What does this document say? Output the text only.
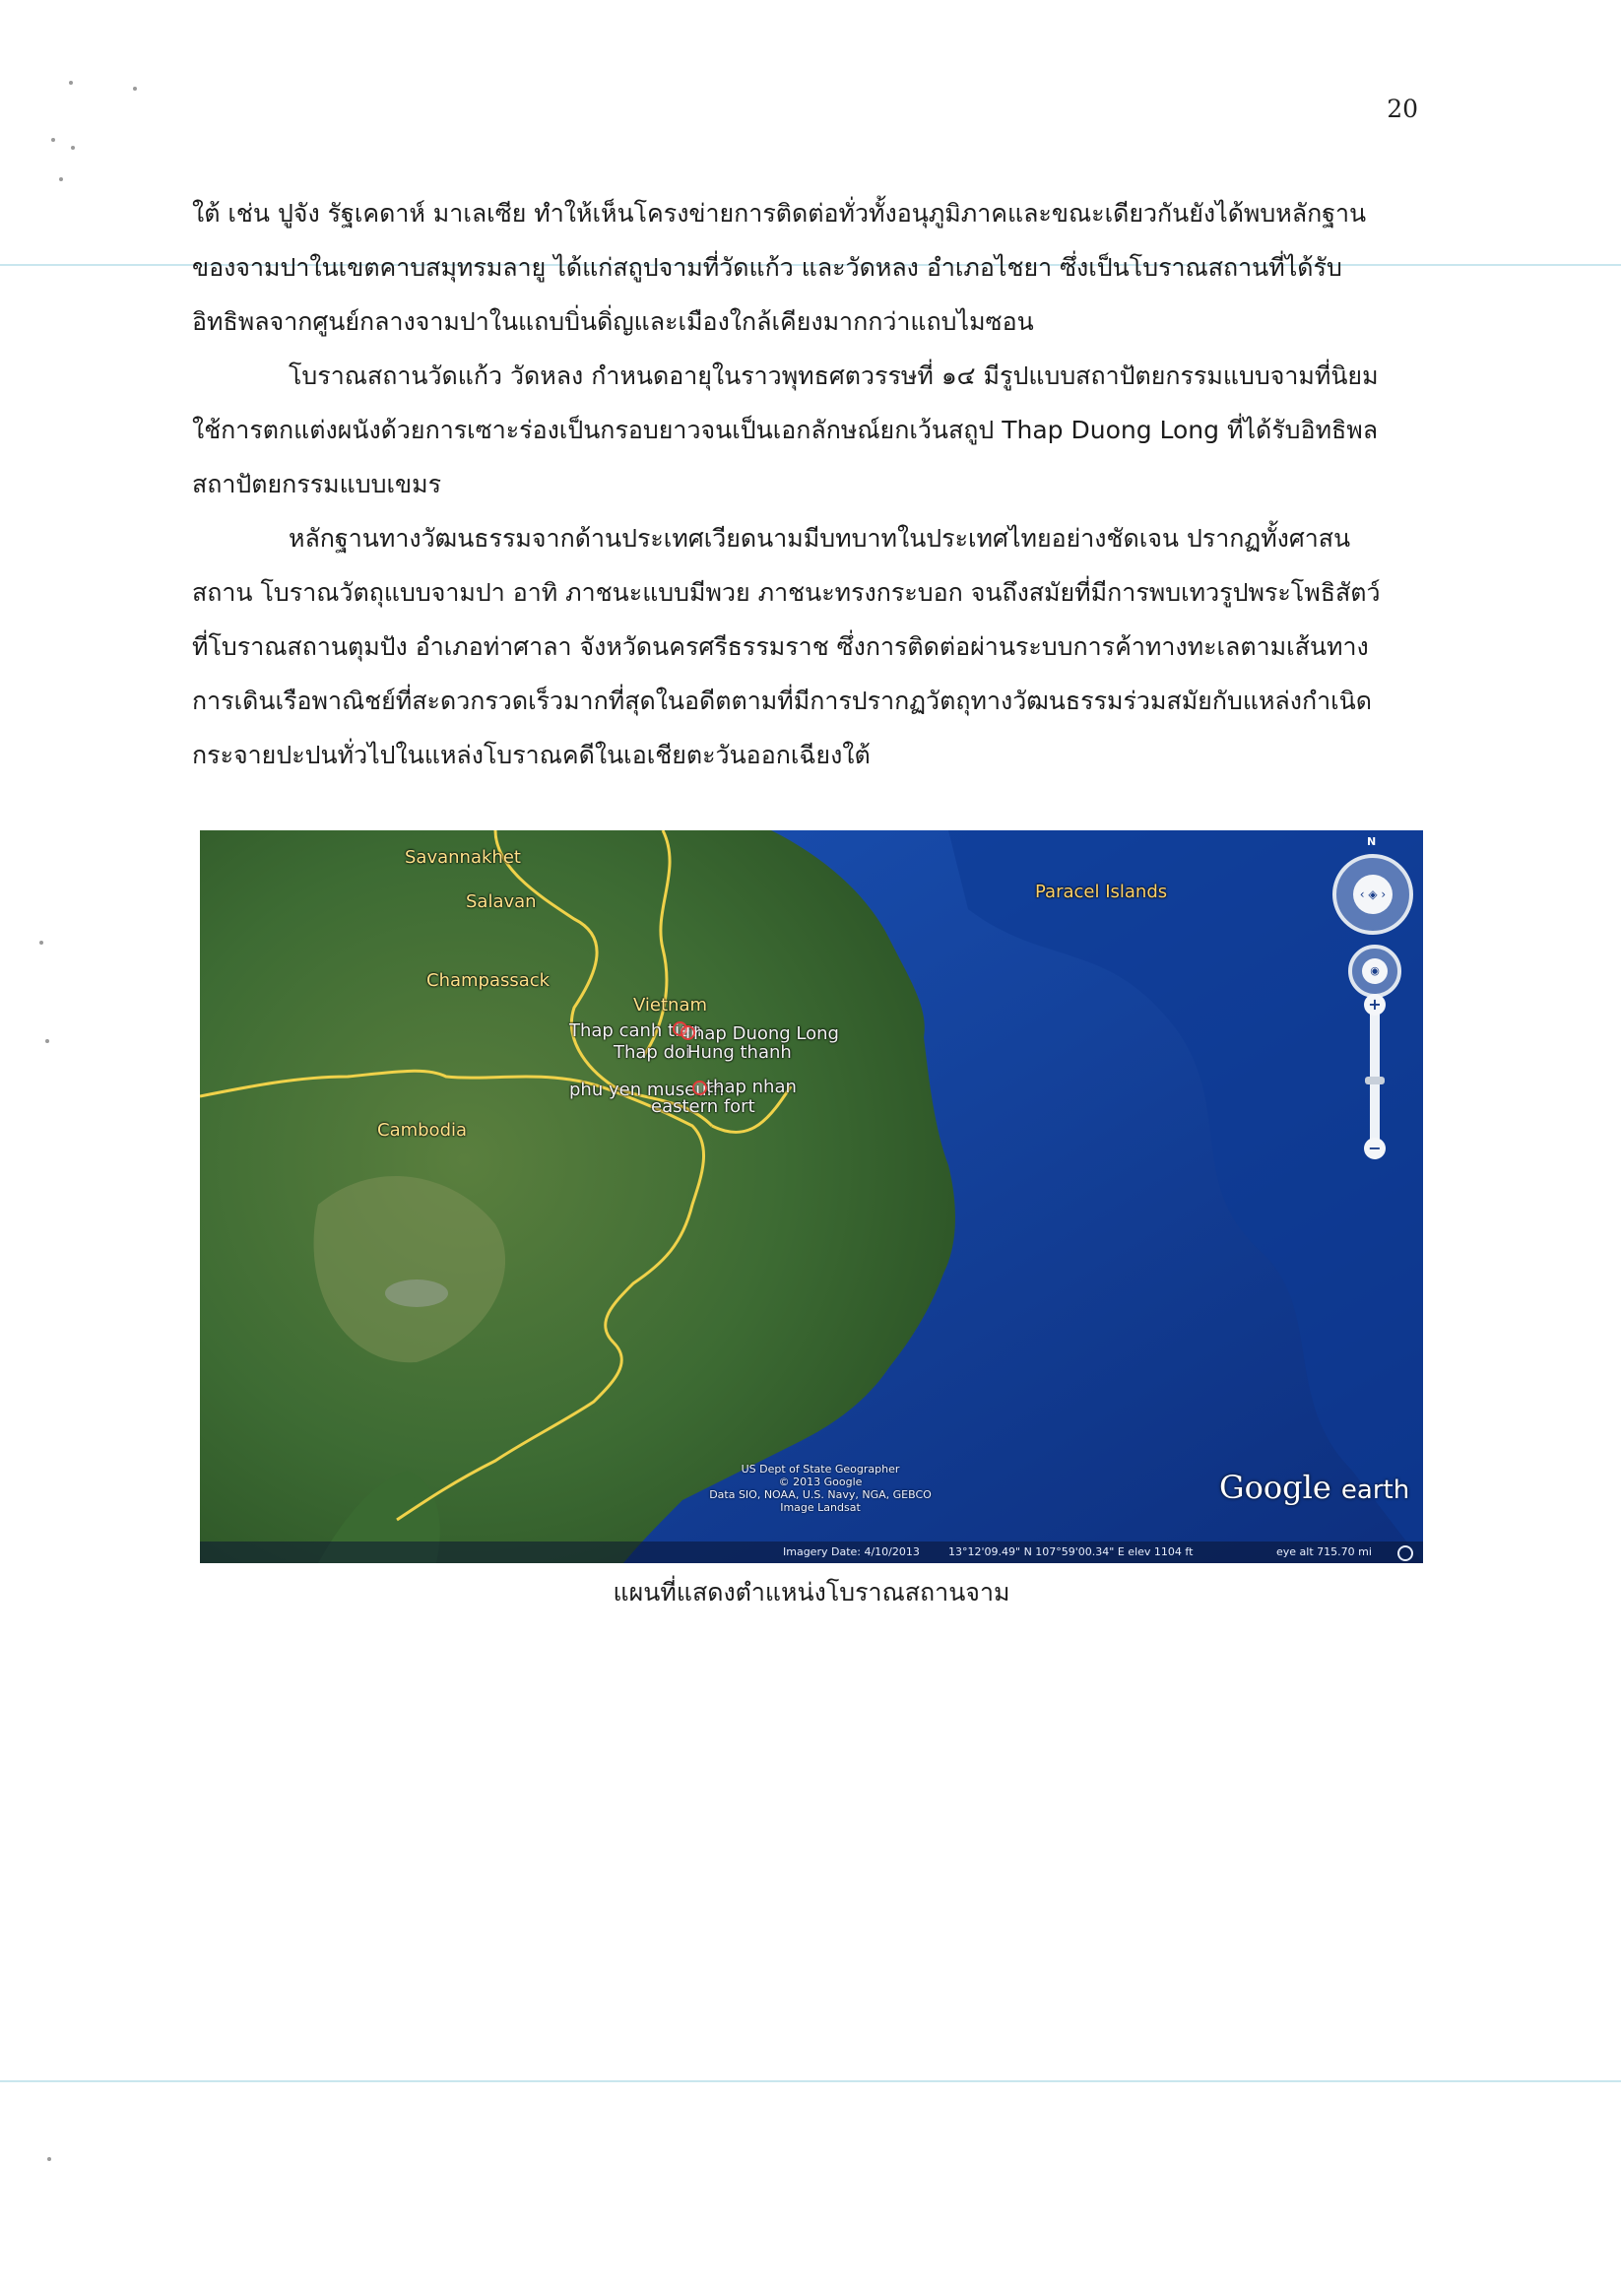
20
ใต้ เช่น ปูจัง รัฐเคดาห์ มาเลเซีย ทำให้เห็นโครงข่ายการติดต่อทั่วทั้งอนุภูมิภาคและขณะเดียวกันยังได้พบหลักฐาน
ของจามปาในเขตคาบสมุทรมลายู ได้แก่สถูปจามที่วัดแก้ว และวัดหลง อำเภอไชยา ซึ่งเป็นโบราณสถานที่ได้รับ
อิทธิพลจากศูนย์กลางจามปาในแถบบิ่นดิ่ญและเมืองใกล้เคียงมากกว่าแถบไมซอน
โบราณสถานวัดแก้ว วัดหลง กำหนดอายุในราวพุทธศตวรรษที่ ๑๔ มีรูปแบบสถาปัตยกรรมแบบจามที่นิยม
ใช้การตกแต่งผนังด้วยการเซาะร่องเป็นกรอบยาวจนเป็นเอกลักษณ์ยกเว้นสถูป Thap Duong Long ที่ได้รับอิทธิพล
สถาปัตยกรรมแบบเขมร
หลักฐานทางวัฒนธรรมจากด้านประเทศเวียดนามมีบทบาทในประเทศไทยอย่างชัดเจน ปรากฏทั้งศาสน
สถาน โบราณวัตถุแบบจามปา อาทิ ภาชนะแบบมีพวย ภาชนะทรงกระบอก จนถึงสมัยที่มีการพบเทวรูปพระโพธิสัตว์
ที่โบราณสถานตุมปัง อำเภอท่าศาลา จังหวัดนครศรีธรรมราช ซึ่งการติดต่อผ่านระบบการค้าทางทะเลตามเส้นทาง
การเดินเรือพาณิชย์ที่สะดวกรวดเร็วมากที่สุดในอดีตตามที่มีการปรากฏวัตถุทางวัฒนธรรมร่วมสมัยกับแหล่งกำเนิด
กระจายปะปนทั่วไปในแหล่งโบราณคดีในเอเชียตะวันออกเฉียงใต้
Savannakhet
Salavan
Champassack
Cambodia
Vietnam
Paracel Islands
Thap canh tien
Thap Duong Long
Thap doi
Hung thanh
phu yen museum
thap nhan
eastern fort
N
‹ ◈ ›
◉
+
−
US Dept of State Geographer
© 2013 Google
Data SIO, NOAA, U.S. Navy, NGA, GEBCO
Image Landsat
Google earth
Imagery Date: 4/10/2013	13°12'09.49" N 107°59'00.34" E elev 1104 ft	eye alt 715.70 mi
แผนที่แสดงตำแหน่งโบราณสถานจาม
